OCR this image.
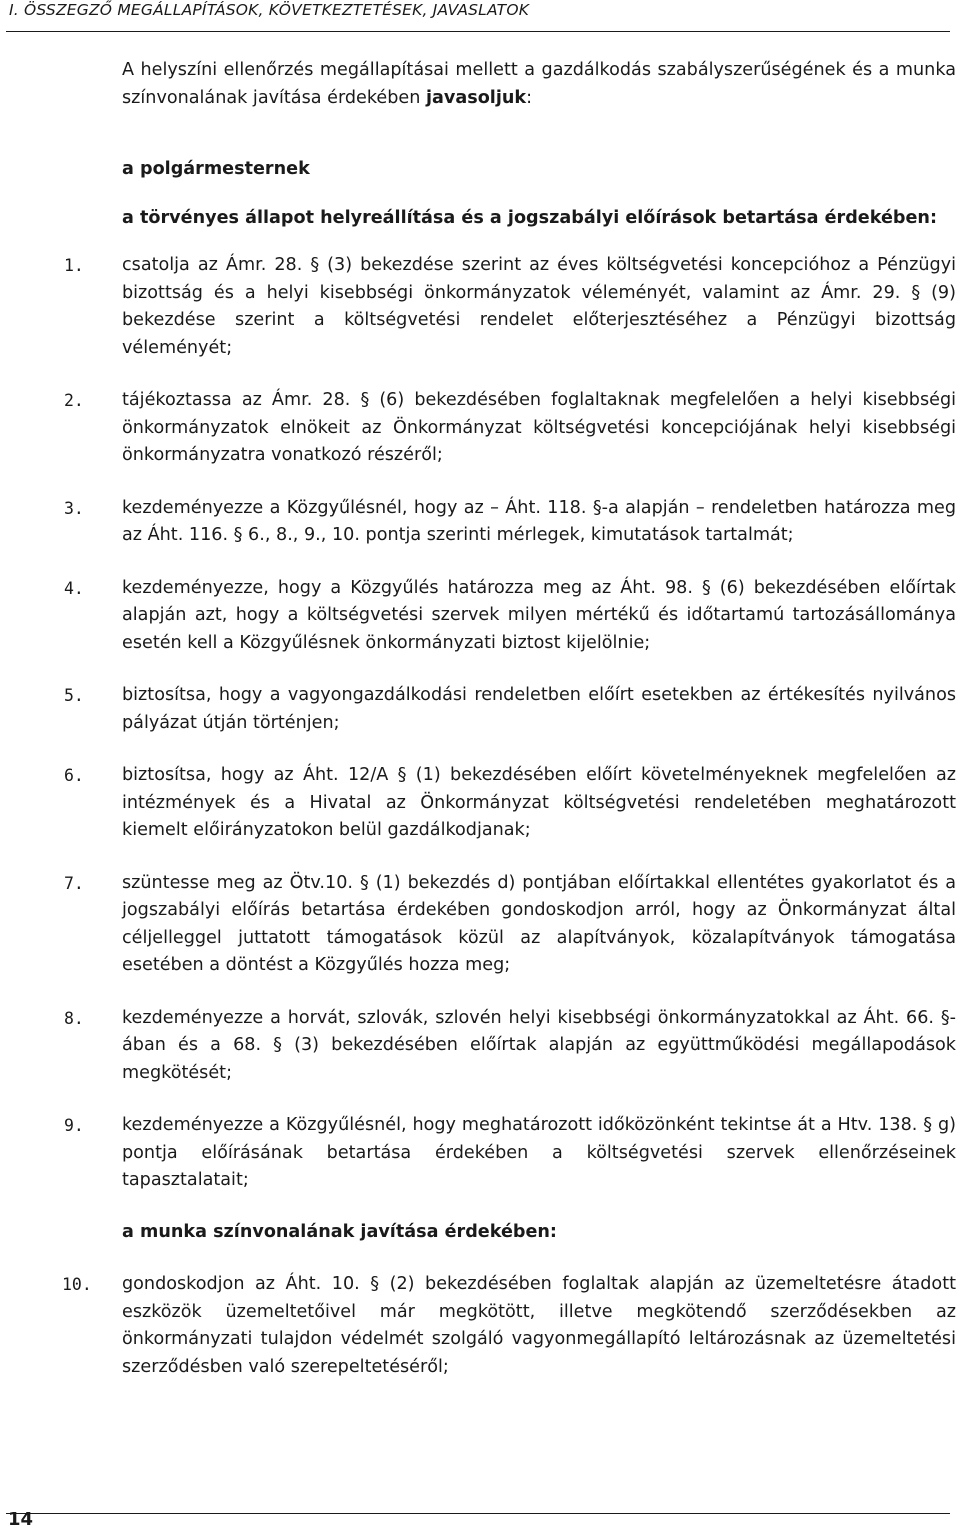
I. ÖSSZEGZŐ MEGÁLLAPÍTÁSOK, KÖVETKEZTETÉSEK, JAVASLATOK

A helyszíni ellenőrzés megállapításai mellett a gazdálkodás szabályszerűségének és a munka színvonalának javítása érdekében javasoljuk:

a polgármesternek

a törvényes állapot helyreállítása és a jogszabályi előírások betartása érdekében:

1.	csatolja az Ámr. 28. § (3) bekezdése szerint az éves költségvetési koncepcióhoz a Pénzügyi bizottság és a helyi kisebbségi önkormányzatok véleményét, valamint az Ámr. 29. § (9) bekezdése szerint a költségvetési rendelet előterjesztéséhez a Pénzügyi bizottság véleményét;
2.	tájékoztassa az Ámr. 28. § (6) bekezdésében foglaltaknak megfelelően a helyi kisebbségi önkormányzatok elnökeit az Önkormányzat költségvetési koncepciójának helyi kisebbségi önkormányzatra vonatkozó részéről;
3.	kezdeményezze a Közgyűlésnél, hogy az – Áht. 118. §-a alapján – rendeletben határozza meg az Áht. 116. § 6., 8., 9., 10. pontja szerinti mérlegek, kimutatások tartalmát;
4.	kezdeményezze, hogy a Közgyűlés határozza meg az Áht. 98. § (6) bekezdésében előírtak alapján azt, hogy a költségvetési szervek milyen mértékű és időtartamú tartozásállománya esetén kell a Közgyűlésnek önkormányzati biztost kijelölnie;
5.	biztosítsa, hogy a vagyongazdálkodási rendeletben előírt esetekben az értékesítés nyilvános pályázat útján történjen;
6.	biztosítsa, hogy az Áht. 12/A § (1) bekezdésében előírt követelményeknek megfelelően az intézmények és a Hivatal az Önkormányzat költségvetési rendeletében meghatározott kiemelt előirányzatokon belül gazdálkodjanak;
7.	szüntesse meg az Ötv.10. § (1) bekezdés d) pontjában előírtakkal ellentétes gyakorlatot és a jogszabályi előírás betartása érdekében gondoskodjon arról, hogy az Önkormányzat által céljelleggel juttatott támogatások közül az alapítványok, közalapítványok támogatása esetében a döntést a Közgyűlés hozza meg;
8.	kezdeményezze a horvát, szlovák, szlovén helyi kisebbségi önkormányzatokkal az Áht. 66. §-ában és a 68. § (3) bekezdésében előírtak alapján az együttműködési megállapodások megkötését;
9.	kezdeményezze a Közgyűlésnél, hogy meghatározott időközönként tekintse át a Htv. 138. § g) pontja előírásának betartása érdekében a költségvetési szervek ellenőrzéseinek tapasztalatait;

a munka színvonalának javítása érdekében:

10.	gondoskodjon az Áht. 10. § (2) bekezdésében foglaltak alapján az üzemeltetésre átadott eszközök üzemeltetőivel már megkötött, illetve megkötendő szerződésekben az önkormányzati tulajdon védelmét szolgáló vagyonmegállapító leltározásnak az üzemeltetési szerződésben való szerepeltetéséről;
14
